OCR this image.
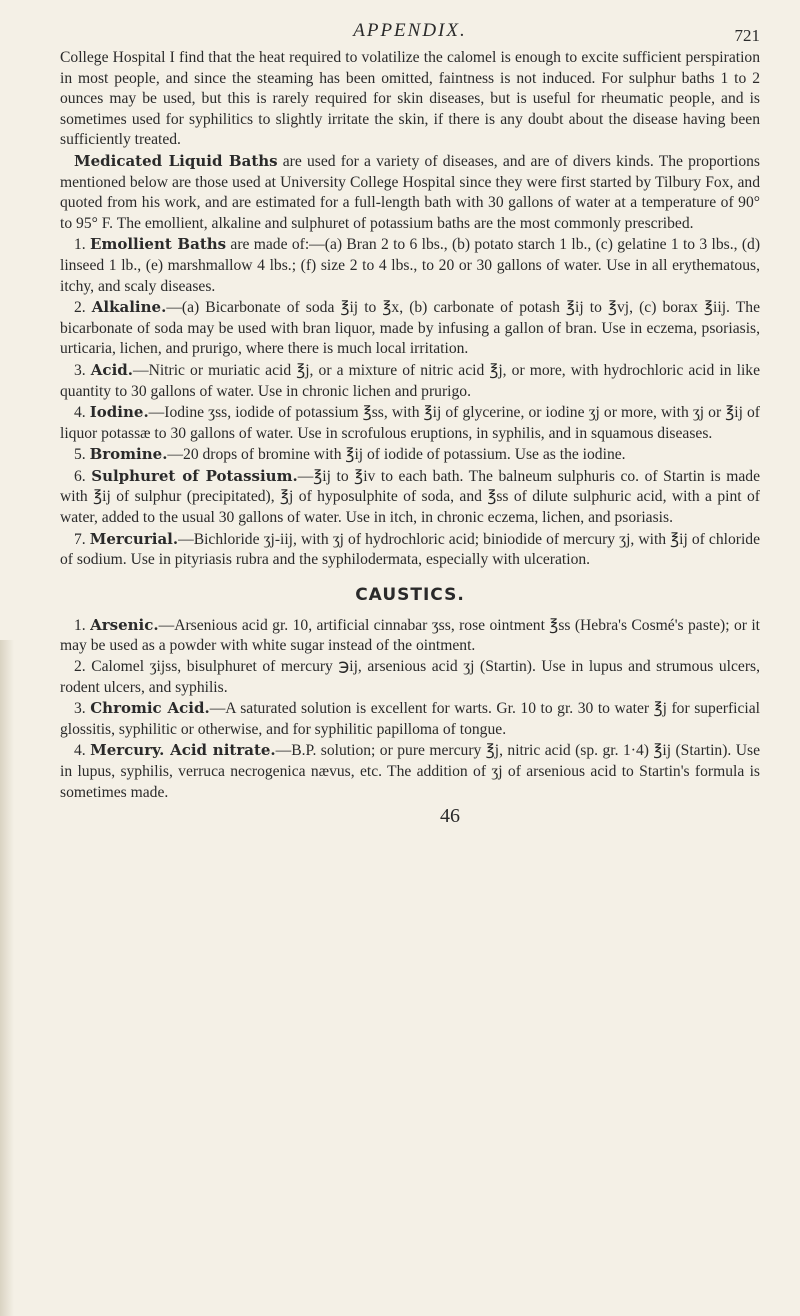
APPENDIX.	721

College Hospital I find that the heat required to volatilize the calomel is enough to excite sufficient perspiration in most people, and since the steaming has been omitted, faintness is not induced. For sulphur baths 1 to 2 ounces may be used, but this is rarely required for skin diseases, but is useful for rheumatic people, and is sometimes used for syphilitics to slightly irritate the skin, if there is any doubt about the disease having been sufficiently treated.

Medicated Liquid Baths are used for a variety of diseases, and are of divers kinds. The proportions mentioned below are those used at University College Hospital since they were first started by Tilbury Fox, and quoted from his work, and are estimated for a full-length bath with 30 gallons of water at a temperature of 90° to 95° F. The emollient, alkaline and sulphuret of potassium baths are the most commonly prescribed.

1. Emollient Baths are made of:—(a) Bran 2 to 6 lbs., (b) potato starch 1 lb., (c) gelatine 1 to 3 lbs., (d) linseed 1 lb., (e) marshmallow 4 lbs.; (f) size 2 to 4 lbs., to 20 or 30 gallons of water. Use in all erythematous, itchy, and scaly diseases.

2. Alkaline.—(a) Bicarbonate of soda ℥ij to ℥x, (b) carbonate of potash ℥ij to ℥vj, (c) borax ℥iij. The bicarbonate of soda may be used with bran liquor, made by infusing a gallon of bran. Use in eczema, psoriasis, urticaria, lichen, and prurigo, where there is much local irritation.

3. Acid.—Nitric or muriatic acid ℥j, or a mixture of nitric acid ℥j, or more, with hydrochloric acid in like quantity to 30 gallons of water. Use in chronic lichen and prurigo.

4. Iodine.—Iodine ʒss, iodide of potassium ℥ss, with ℥ij of glycerine, or iodine ʒj or more, with ʒj or ℥ij of liquor potassæ to 30 gallons of water. Use in scrofulous eruptions, in syphilis, and in squamous diseases.

5. Bromine.—20 drops of bromine with ℥ij of iodide of potassium. Use as the iodine.

6. Sulphuret of Potassium.—℥ij to ℥iv to each bath. The balneum sulphuris co. of Startin is made with ℥ij of sulphur (precipitated), ℥j of hyposulphite of soda, and ℥ss of dilute sulphuric acid, with a pint of water, added to the usual 30 gallons of water. Use in itch, in chronic eczema, lichen, and psoriasis.

7. Mercurial.—Bichloride ʒj-iij, with ʒj of hydrochloric acid; biniodide of mercury ʒj, with ℥ij of chloride of sodium. Use in pityriasis rubra and the syphilodermata, especially with ulceration.

CAUSTICS.

1. Arsenic.—Arsenious acid gr. 10, artificial cinnabar ʒss, rose ointment ℥ss (Hebra's Cosmé's paste); or it may be used as a powder with white sugar instead of the ointment.

2. Calomel ʒijss, bisulphuret of mercury ℈ij, arsenious acid ʒj (Startin). Use in lupus and strumous ulcers, rodent ulcers, and syphilis.

3. Chromic Acid.—A saturated solution is excellent for warts. Gr. 10 to gr. 30 to water ℥j for superficial glossitis, syphilitic or otherwise, and for syphilitic papilloma of tongue.

4. Mercury. Acid nitrate.—B.P. solution; or pure mercury ℥j, nitric acid (sp. gr. 1·4) ℥ij (Startin). Use in lupus, syphilis, verruca necrogenica nævus, etc. The addition of ʒj of arsenious acid to Startin's formula is sometimes made.

46
